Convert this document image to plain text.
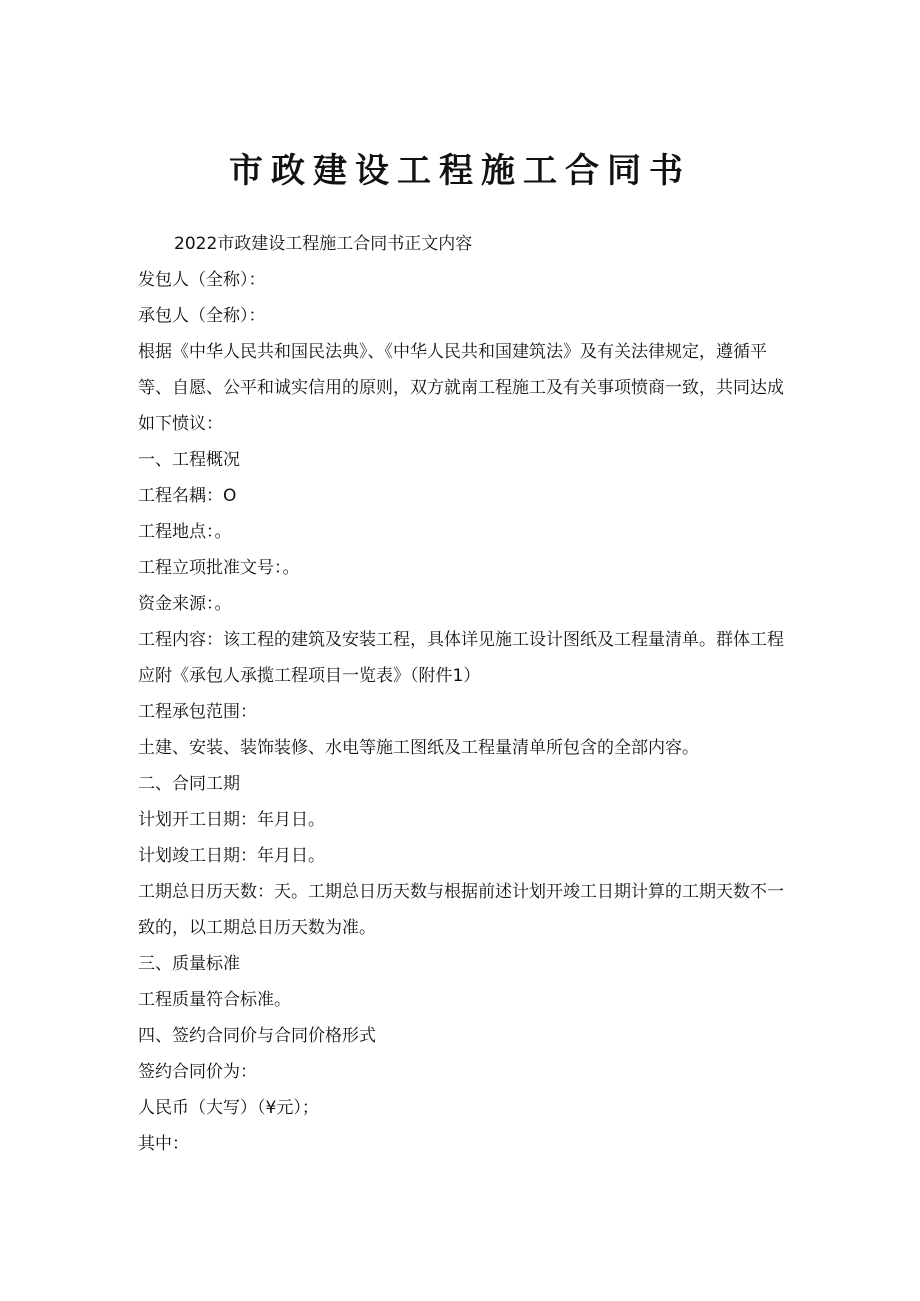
市政建设工程施工合同书

2022市政建设工程施工合同书正文内容

发包人（全称）：

承包人（全称）：

根据《中华人民共和国民法典》、《中华人民共和国建筑法》及有关法律规定，遵循平等、自愿、公平和诚实信用的原则，双方就南工程施工及有关事项愤商一致，共同达成如下愤议：

一、工程概况

工程名耦：O

工程地点：。

工程立项批准文号：。

资金来源：。

工程内容：该工程的建筑及安装工程，具体详见施工设计图纸及工程量清单。群体工程应附《承包人承揽工程项目一览表》（附件1）

工程承包范围：

土建、安装、装饰装修、水电等施工图纸及工程量清单所包含的全部内容。

二、合同工期

计划开工日期：年月日。

计划竣工日期：年月日。

工期总日历天数：天。工期总日历天数与根据前述计划开竣工日期计算的工期天数不一致的，以工期总日历天数为准。

三、质量标准

工程质量符合标准。

四、签约合同价与合同价格形式

签约合同价为：

人民币（大写）（¥元）；

其中：
